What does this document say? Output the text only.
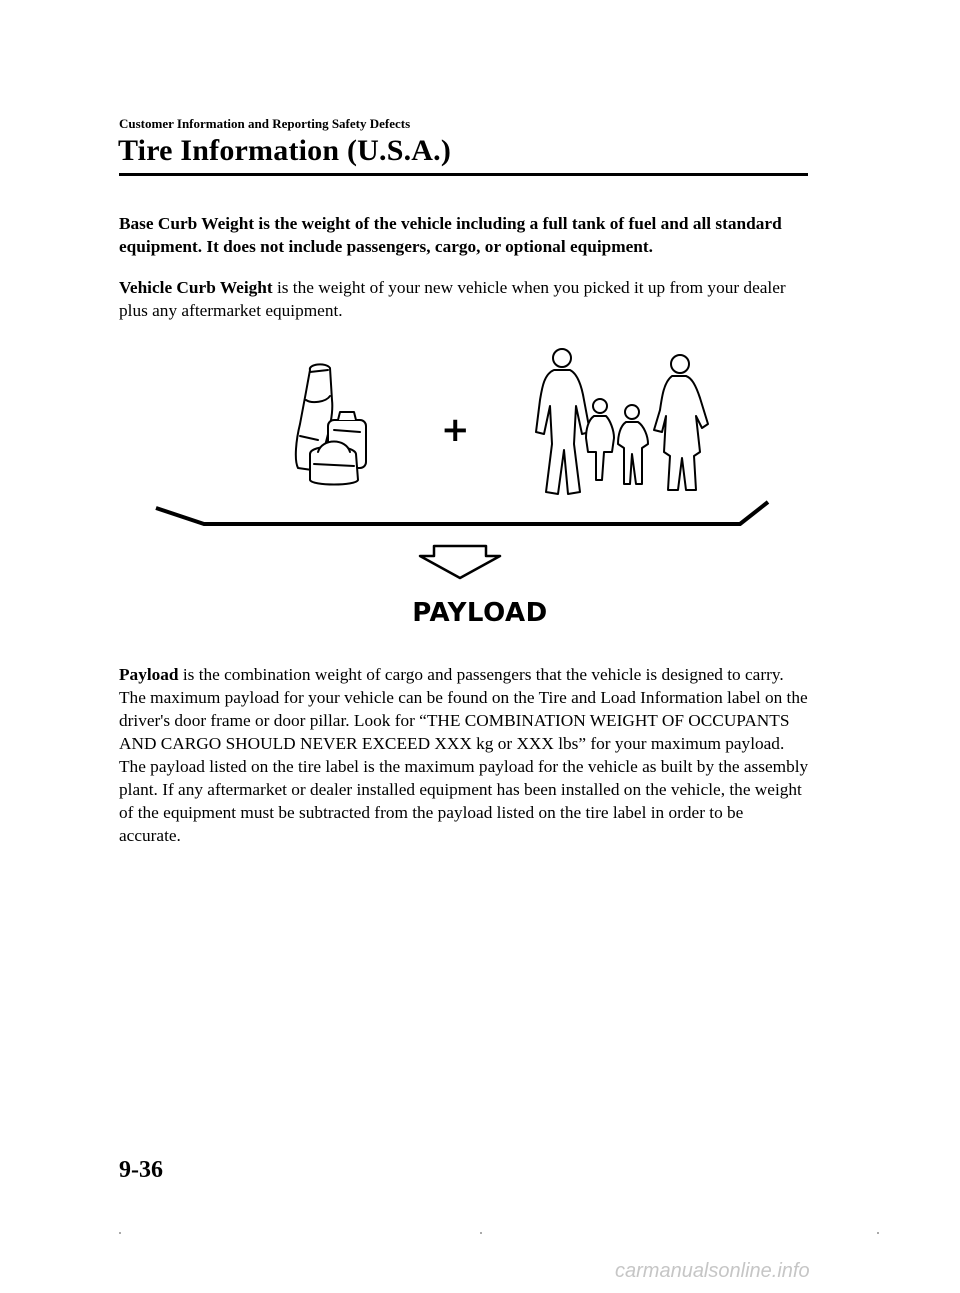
Customer Information and Reporting Safety Defects
Tire Information (U.S.A.)

Base Curb Weight is the weight of the vehicle including a full tank of fuel and all standard equipment. It does not include passengers, cargo, or optional equipment.

Vehicle Curb Weight is the weight of your new vehicle when you picked it up from your dealer plus any aftermarket equipment.

+
PAYLOAD

Payload is the combination weight of cargo and passengers that the vehicle is designed to carry. The maximum payload for your vehicle can be found on the Tire and Load Information label on the driver's door frame or door pillar. Look for “THE COMBINATION WEIGHT OF OCCUPANTS AND CARGO SHOULD NEVER EXCEED XXX kg or XXX lbs” for your maximum payload. The payload listed on the tire label is the maximum payload for the vehicle as built by the assembly plant. If any aftermarket or dealer installed equipment has been installed on the vehicle, the weight of the equipment must be subtracted from the payload listed on the tire label in order to be accurate.

9-36
carmanualsonline.info
